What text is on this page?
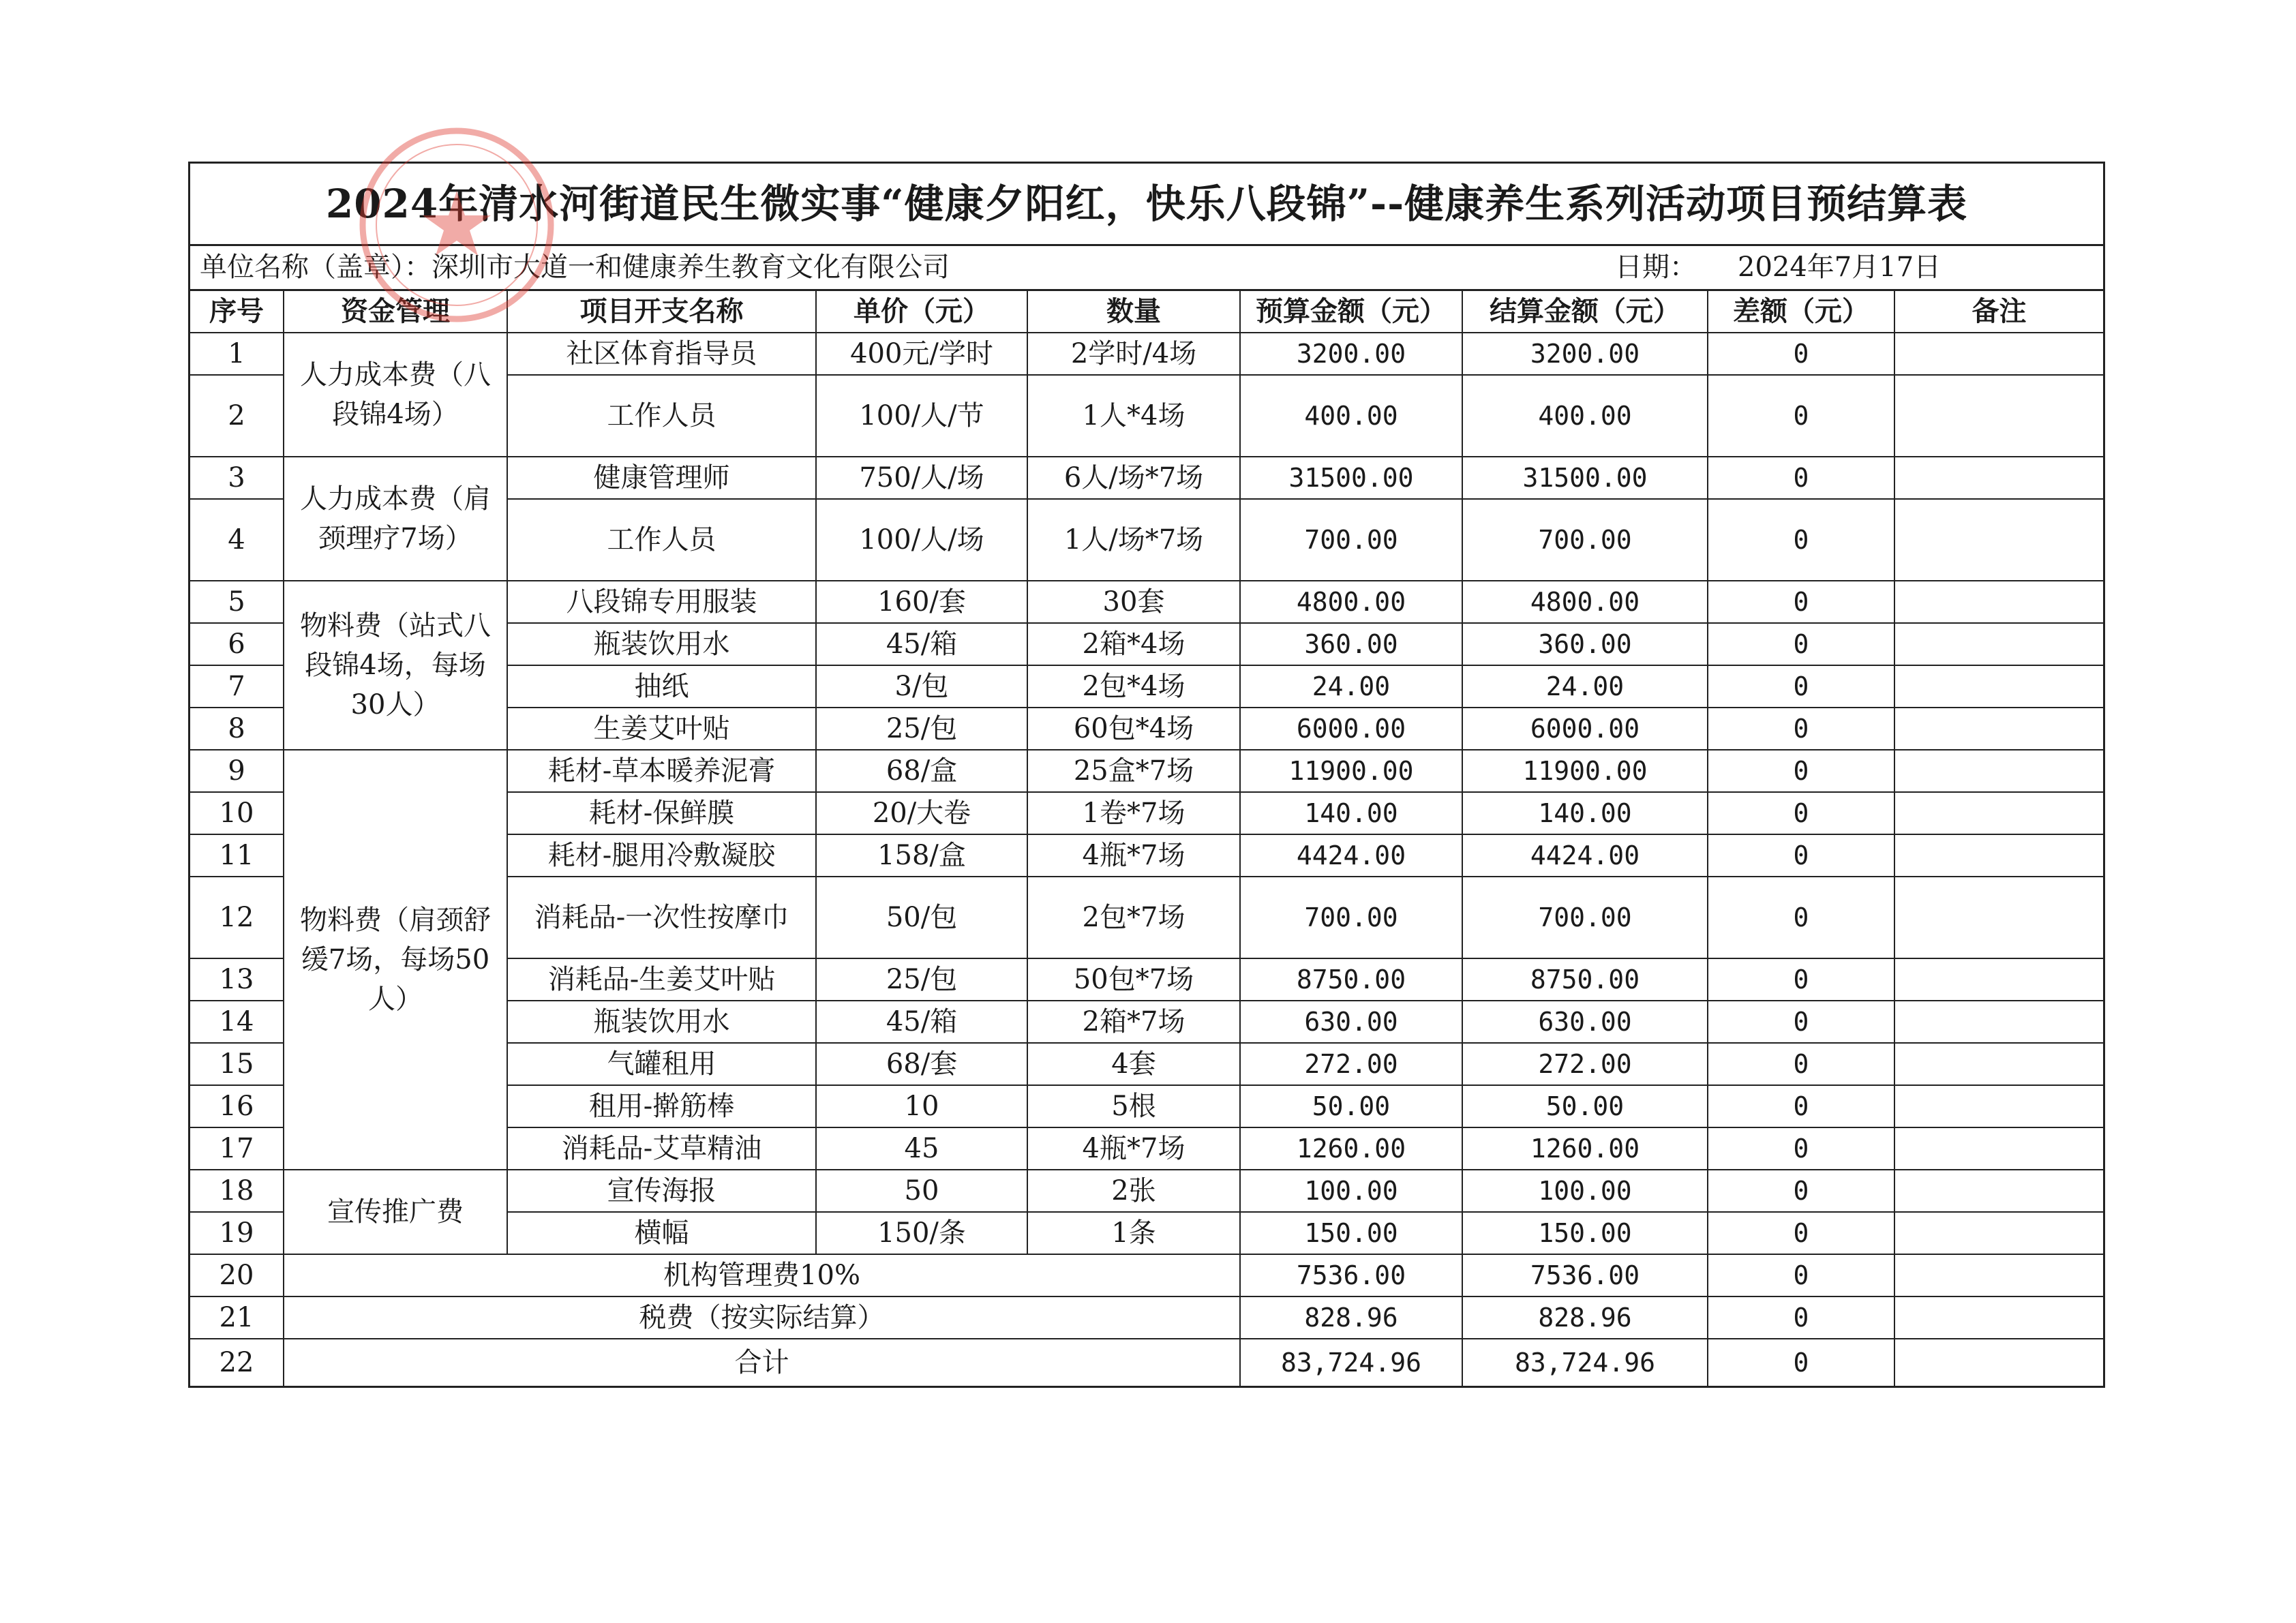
2024年清水河街道民生微实事“健康夕阳红，快乐八段锦”--健康养生系列活动项目预结算表
单位名称（盖章）：深圳市大道一和健康养生教育文化有限公司	日期： 2024年7月17日
序号	资金管理	项目开支名称	单价（元）	数量	预算金额（元）	结算金额（元）	差额（元）	备注
1	人力成本费（八段锦4场）	社区体育指导员	400元/学时	2学时/4场	3200.00	3200.00	0	
2		工作人员	100/人/节	1人*4场	400.00	400.00	0	
3	人力成本费（肩颈理疗7场）	健康管理师	750/人/场	6人/场*7场	31500.00	31500.00	0	
4		工作人员	100/人/场	1人/场*7场	700.00	700.00	0	
5	物料费（站式八段锦4场，每场30人）	八段锦专用服装	160/套	30套	4800.00	4800.00	0	
6		瓶装饮用水	45/箱	2箱*4场	360.00	360.00	0	
7		抽纸	3/包	2包*4场	24.00	24.00	0	
8		生姜艾叶贴	25/包	60包*4场	6000.00	6000.00	0	
9	物料费（肩颈舒缓7场，每场50人）	耗材-草本暖养泥膏	68/盒	25盒*7场	11900.00	11900.00	0	
10		耗材-保鲜膜	20/大卷	1卷*7场	140.00	140.00	0	
11		耗材-腿用冷敷凝胶	158/盒	4瓶*7场	4424.00	4424.00	0	
12		消耗品-一次性按摩巾	50/包	2包*7场	700.00	700.00	0	
13		消耗品-生姜艾叶贴	25/包	50包*7场	8750.00	8750.00	0	
14		瓶装饮用水	45/箱	2箱*7场	630.00	630.00	0	
15		气罐租用	68/套	4套	272.00	272.00	0	
16		租用-擀筋棒	10	5根	50.00	50.00	0	
17		消耗品-艾草精油	45	4瓶*7场	1260.00	1260.00	0	
18	宣传推广费	宣传海报	50	2张	100.00	100.00	0	
19		横幅	150/条	1条	150.00	150.00	0	
20	机构管理费10%				7536.00	7536.00	0	
21	税费（按实际结算）				828.96	828.96	0	
22	合计				83,724.96	83,724.96	0	
